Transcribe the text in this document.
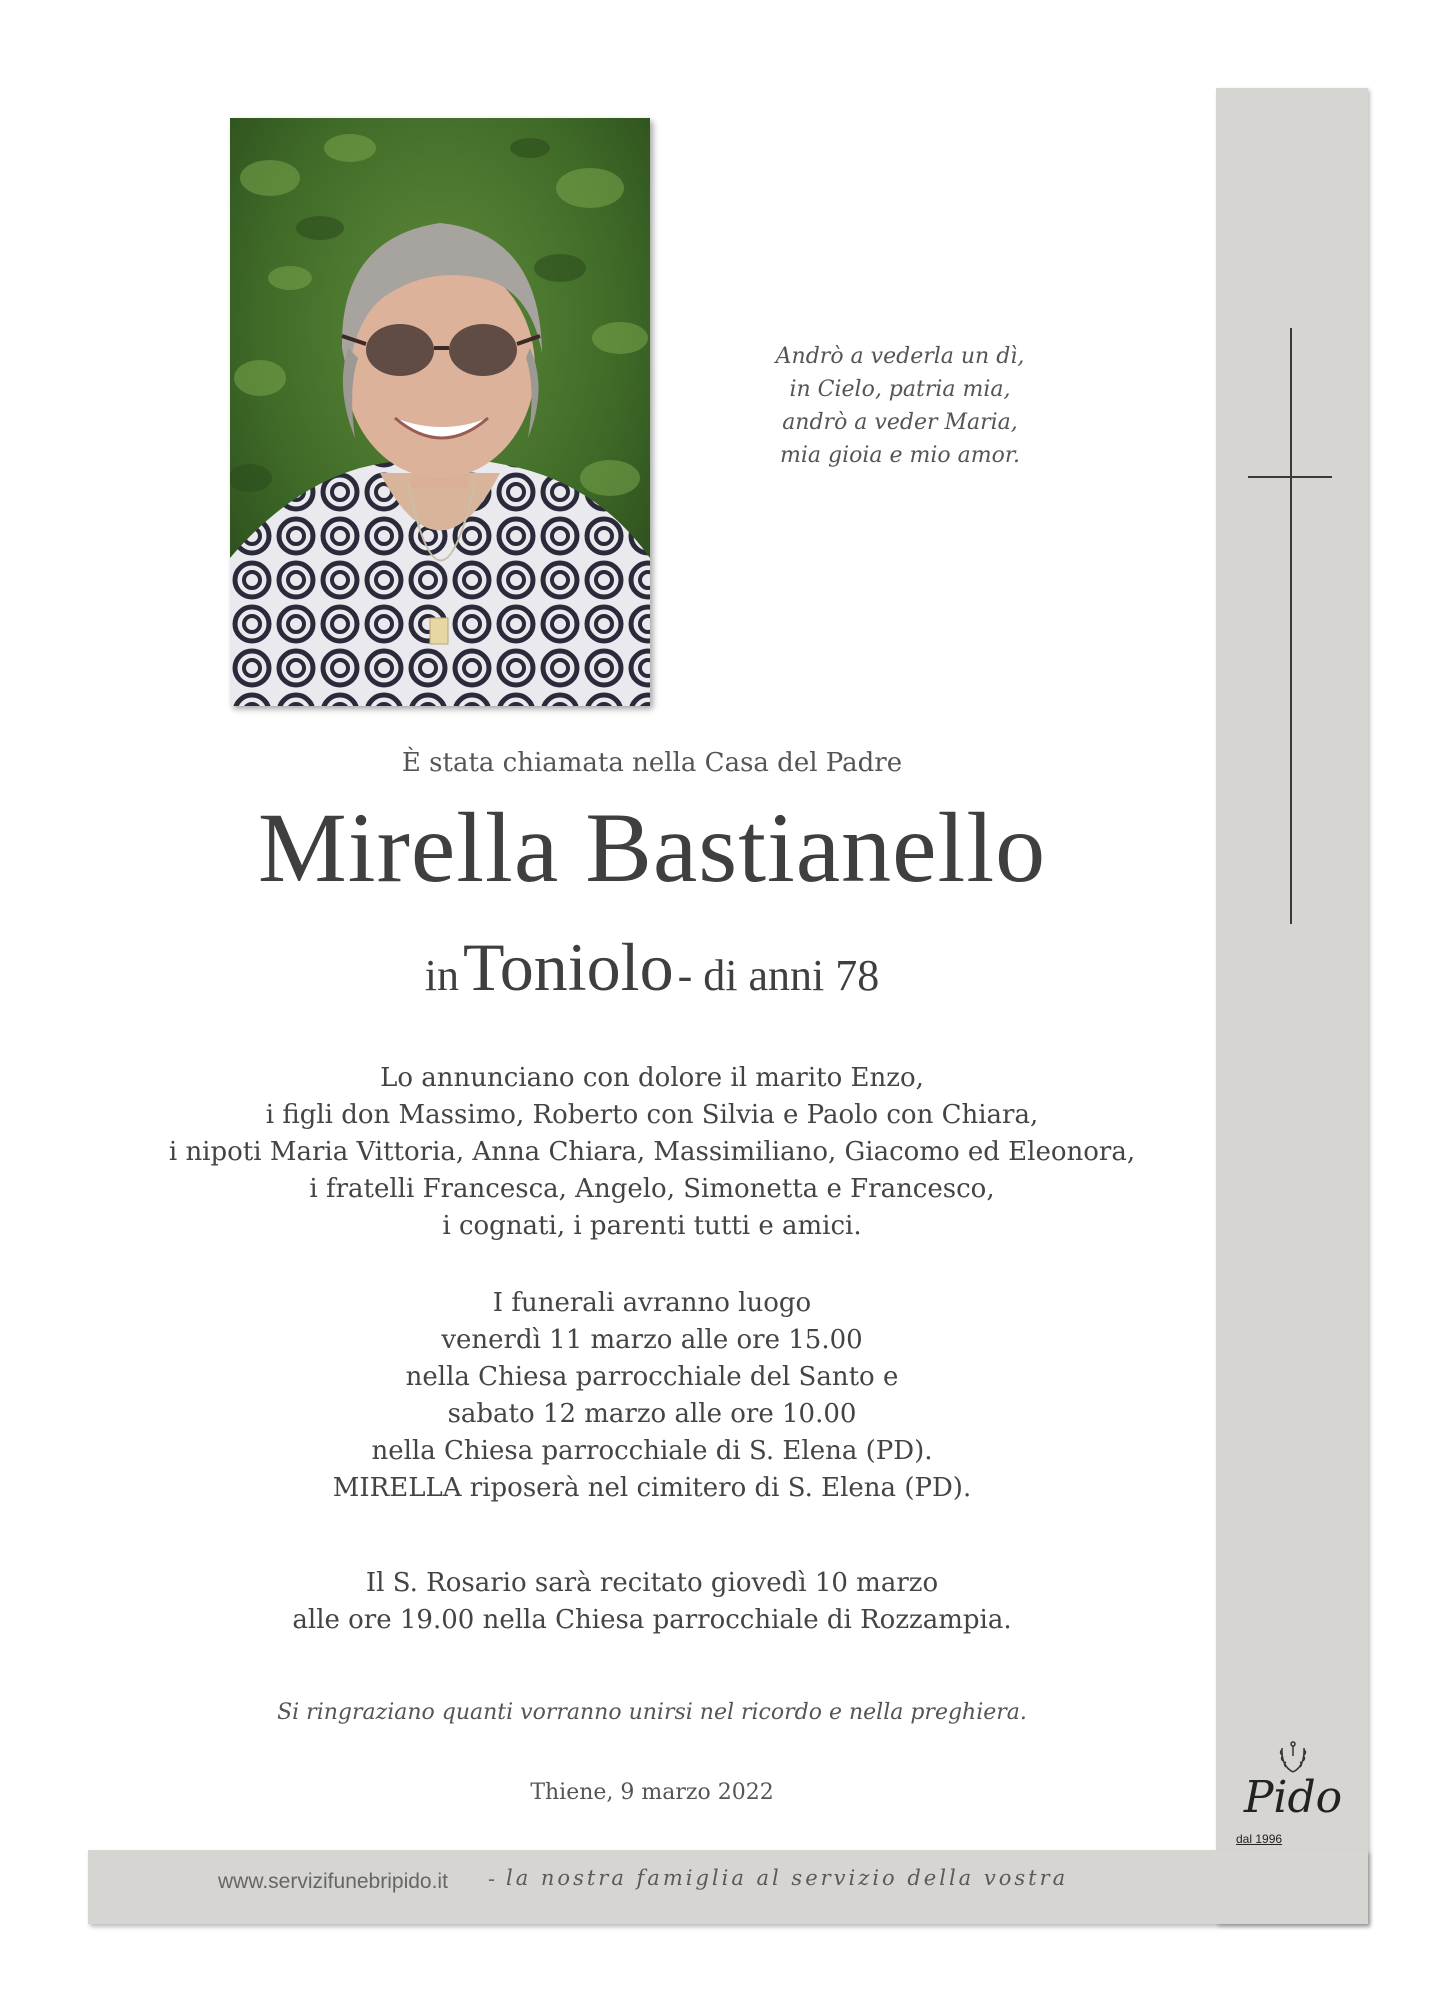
Andrò a vederla un dì,
in Cielo, patria mia,
andrò a veder Maria,
mia gioia e mio amor.
È stata chiamata nella Casa del Padre
Mirella Bastianello
in Toniolo - di anni 78
Lo annunciano con dolore il marito Enzo,
i figli don Massimo, Roberto con Silvia e Paolo con Chiara,
i nipoti Maria Vittoria, Anna Chiara, Massimiliano, Giacomo ed Eleonora,
i fratelli Francesca, Angelo, Simonetta e Francesco,
i cognati, i parenti tutti e amici.
I funerali avranno luogo
venerdì 11 marzo alle ore 15.00
nella Chiesa parrocchiale del Santo e
sabato 12 marzo alle ore 10.00
nella Chiesa parrocchiale di S. Elena (PD).
MIRELLA riposerà nel cimitero di S. Elena (PD).
Il S. Rosario sarà recitato giovedì 10 marzo
alle ore 19.00 nella Chiesa parrocchiale di Rozzampia.
Si ringraziano quanti vorranno unirsi nel ricordo e nella preghiera.
Thiene, 9 marzo 2022
www.servizifunebripido.it - la nostra famiglia al servizio della vostra
Pido
dal 1996
